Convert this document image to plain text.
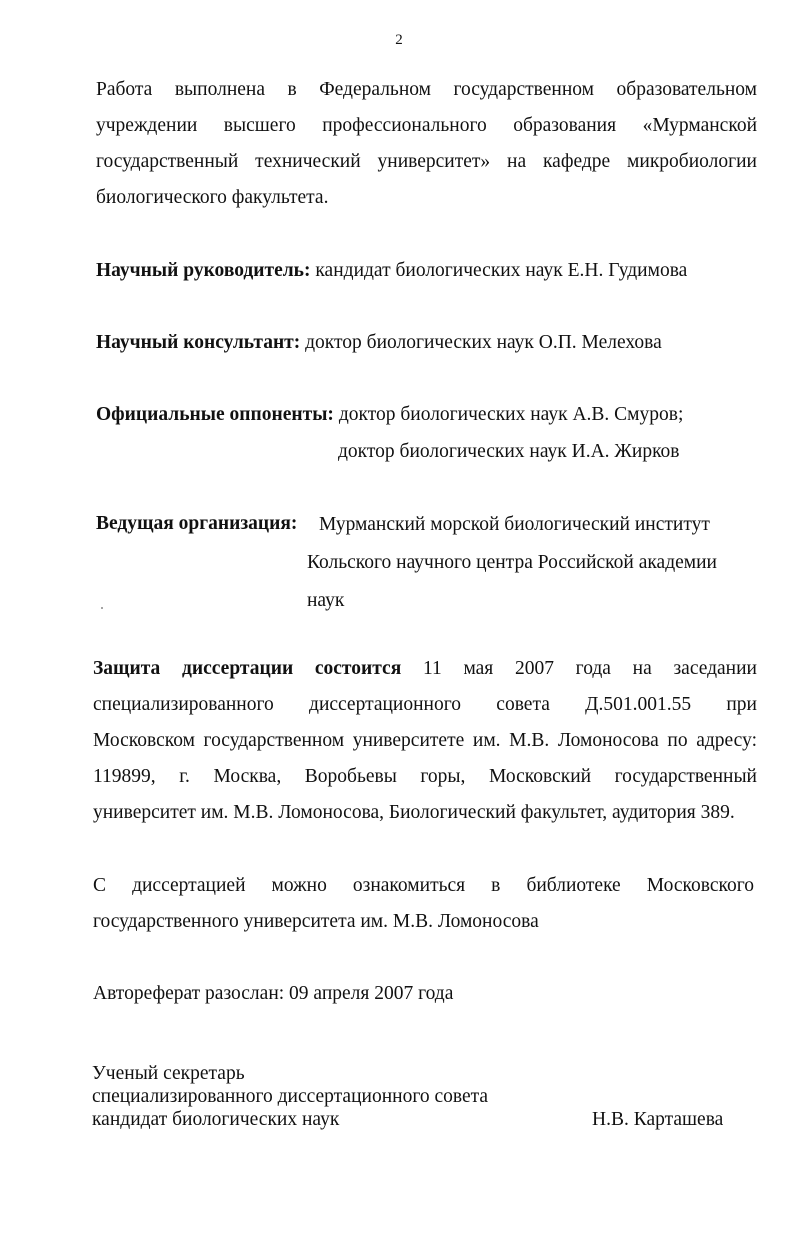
2
Работа выполнена в Федеральном государственном образовательном
учреждении высшего профессионального образования «Мурманской
государственный технический университет» на кафедре микробиологии
биологического факультета.
Научный руководитель: кандидат биологических наук Е.Н. Гудимова
Научный консультант: доктор биологических наук О.П. Мелехова
Официальные оппоненты: доктор биологических наук А.В. Смуров;
доктор биологических наук И.А. Жирков
Ведущая организация: Мурманский морской биологический институт
Кольского научного центра Российской академии
наук
Защита диссертации состоится 11 мая 2007 года на заседании
специализированного диссертационного совета Д.501.001.55 при
Московском государственном университете им. М.В. Ломоносова по адресу:
119899, г. Москва, Воробьевы горы, Московский государственный
университет им. М.В. Ломоносова, Биологический факультет, аудитория 389.
С диссертацией можно ознакомиться в библиотеке Московского
государственного университета им. М.В. Ломоносова
Автореферат разослан: 09 апреля 2007 года
Ученый секретарь
специализированного диссертационного совета
кандидат биологических наук	Н.В. Карташева
